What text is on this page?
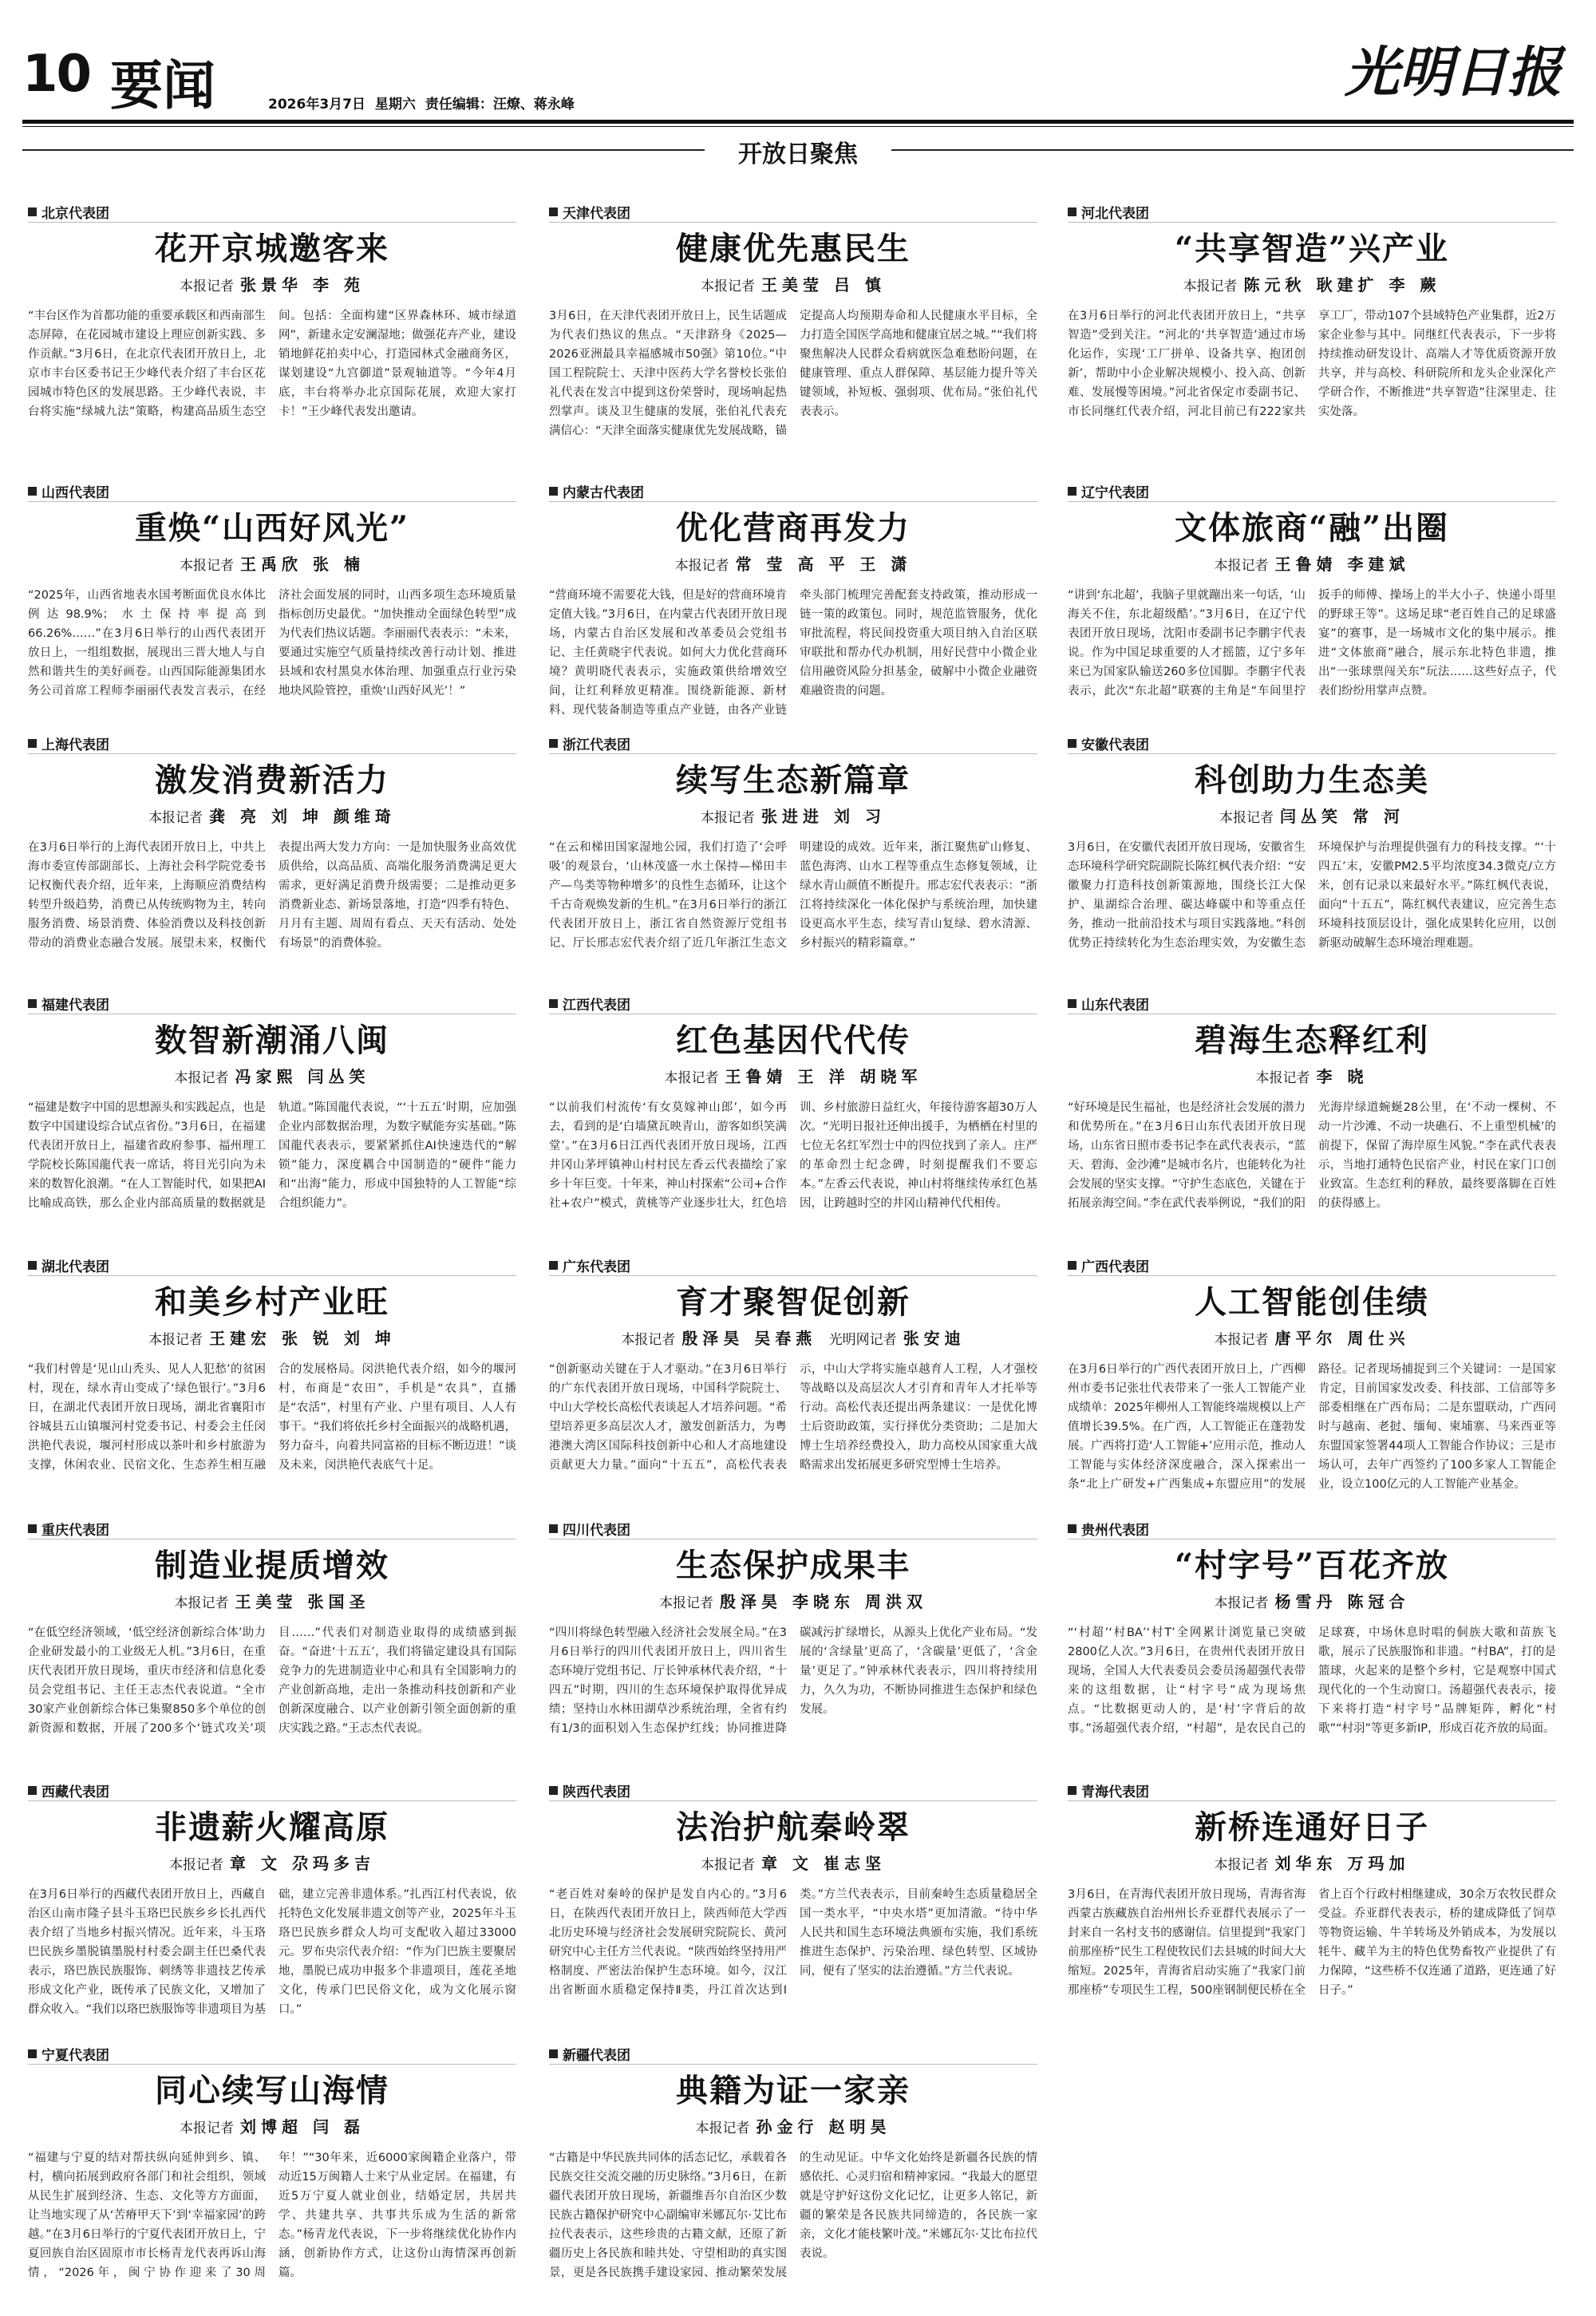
10 要闻	2026年3月7日 星期六 责任编辑：汪燎、蒋永峰	光明日报
开放日聚焦
北京代表团
花开京城邀客来
本报记者 张景华 李 苑
“丰台区作为首都功能的重要承载区和西南部生态屏障，在花园城市建设上理应创新实践、多作贡献。”3月6日，在北京代表团开放日上，北京市丰台区委书记王少峰代表介绍了丰台区花园城市特色区的发展思路。王少峰代表说，丰台将实施“绿城九法”策略，构建高品质生态空间。包括：全面构建“区界森林环、城市绿道网”，新建永定安澜湿地；做强花卉产业，建设销地鲜花拍卖中心，打造园林式金融商务区，谋划建设“九宫御道”景观轴道等。“今年4月底，丰台将举办北京国际花展，欢迎大家打卡！”王少峰代表发出邀请。
天津代表团
健康优先惠民生
本报记者 王美莹 吕 慎
3月6日，在天津代表团开放日上，民生话题成为代表们热议的焦点。“天津跻身《2025—2026亚洲最具幸福感城市50强》第10位。”中国工程院院士、天津中医药大学名誉校长张伯礼代表在发言中提到这份荣誉时，现场响起热烈掌声。谈及卫生健康的发展，张伯礼代表充满信心：“天津全面落实健康优先发展战略，锚定提高人均预期寿命和人民健康水平目标，全力打造全国医学高地和健康宜居之城。”“我们将聚焦解决人民群众看病就医急难愁盼问题，在健康管理、重点人群保障、基层能力提升等关键领域，补短板、强弱项、优布局。”张伯礼代表表示。
河北代表团
“共享智造”兴产业
本报记者 陈元秋 耿建扩 李 蕨
在3月6日举行的河北代表团开放日上，“共享智造”受到关注。“河北的‘共享智造’通过市场化运作，实现‘工厂拼单、设备共享、抱团创新’，帮助中小企业解决规模小、投入高、创新难、发展慢等困境。”河北省保定市委副书记、市长同继红代表介绍，河北目前已有222家共享工厂，带动107个县域特色产业集群，近2万家企业参与其中。同继红代表表示，下一步将持续推动研发设计、高端人才等优质资源开放共享，并与高校、科研院所和龙头企业深化产学研合作，不断推进“共享智造”往深里走、往实处落。
山西代表团
重焕“山西好风光”
本报记者 王禹欣 张 楠
“2025年，山西省地表水国考断面优良水体比例达98.9%；水土保持率提高到66.26%……”在3月6日举行的山西代表团开放日上，一组组数据，展现出三晋大地人与自然和谐共生的美好画卷。山西国际能源集团水务公司首席工程师李丽丽代表发言表示，在经济社会面发展的同时，山西多项生态环境质量指标创历史最优。“加快推动全面绿色转型”成为代表们热议话题。李丽丽代表表示：“未来，要通过实施空气质量持续改善行动计划、推进县域和农村黑臭水体治理、加强重点行业污染地块风险管控，重焕‘山西好风光’！”
内蒙古代表团
优化营商再发力
本报记者 常 莹 高 平 王 潇
“营商环境不需要花大钱，但是好的营商环境肯定值大钱。”3月6日，在内蒙古代表团开放日现场，内蒙古自治区发展和改革委员会党组书记、主任黄晓宇代表说。如何大力优化营商环境？黄明晓代表表示，实施政策供给增效空间，让红利释放更精准。围绕新能源、新材料、现代装备制造等重点产业链，由各产业链牵头部门梳理完善配套支持政策，推动形成一链一策的政策包。同时，规范监管服务，优化审批流程，将民间投资重大项目纳入自治区联审联批和帮办代办机制，用好民营中小微企业信用融资风险分担基金，破解中小微企业融资难融资贵的问题。
辽宁代表团
文体旅商“融”出圈
本报记者 王鲁婧 李建斌
“讲到‘东北超’，我脑子里就蹦出来一句话，‘山海关不住，东北超级酷’。”3月6日，在辽宁代表团开放日现场，沈阳市委副书记李鹏宇代表说。作为中国足球重要的人才摇篮，辽宁多年来已为国家队输送260多位国脚。李鹏宇代表表示，此次“东北超”联赛的主角是“车间里拧扳手的师傅、操场上的半大小子、快递小哥里的野球王等”。这场足球“老百姓自己的足球盛宴”的赛事，是一场城市文化的集中展示。推进“文体旅商”融合，展示东北特色非遗，推出“一张球票闯关东”玩法……这些好点子，代表们纷纷用掌声点赞。
上海代表团
激发消费新活力
本报记者 龚 亮 刘 坤 颜维琦
在3月6日举行的上海代表团开放日上，中共上海市委宣传部副部长、上海社会科学院党委书记权衡代表介绍，近年来，上海顺应消费结构转型升级趋势，消费已从传统购物为主，转向服务消费、场景消费、体验消费以及科技创新带动的消费业态融合发展。展望未来，权衡代表提出两大发力方向：一是加快服务业高效优质供给，以高品质、高端化服务消费满足更大需求，更好满足消费升级需要；二是推动更多消费新业态、新场景落地，打造“四季有特色、月月有主题、周周有看点、天天有活动、处处有场景”的消费体验。
浙江代表团
续写生态新篇章
本报记者 张进进 刘 习
“在云和梯田国家湿地公园，我们打造了‘会呼吸’的观景台，‘山林茂盛一水土保持—梯田丰产—鸟类等物种增多’的良性生态循环，让这个千古奇观焕发新的生机。”在3月6日举行的浙江代表团开放日上，浙江省自然资源厅党组书记、厅长邢志宏代表介绍了近几年浙江生态文明建设的成效。近年来，浙江聚焦矿山修复、蓝色海湾、山水工程等重点生态修复领域，让绿水青山颜值不断提升。邢志宏代表表示：“浙江将持续深化一体化保护与系统治理，加快建设更高水平生态，续写青山复绿、碧水清源、乡村振兴的精彩篇章。”
安徽代表团
科创助力生态美
本报记者 闫丛笑 常 河
3月6日，在安徽代表团开放日现场，安徽省生态环境科学研究院副院长陈红枫代表介绍：“安徽聚力打造科技创新策源地，围绕长江大保护、巢湖综合治理、碳达峰碳中和等重点任务，推动一批前沿技术与项目实践落地。”科创优势正持续转化为生态治理实效，为安徽生态环境保护与治理提供强有力的科技支撑。“‘十四五’末，安徽PM2.5平均浓度34.3微克/立方米，创有记录以来最好水平。”陈红枫代表说，面向“十五五”，陈红枫代表建议，应完善生态环境科技顶层设计，强化成果转化应用，以创新驱动破解生态环境治理难题。
福建代表团
数智新潮涌八闽
本报记者 冯家熙 闫丛笑
“福建是数字中国的思想源头和实践起点，也是数字中国建设综合试点省份。”3月6日，在福建代表团开放日上，福建省政府参事、福州理工学院校长陈国龍代表一席话，将目光引向为未来的数智化浪潮。“在人工智能时代，如果把AI比喻成高铁，那么企业内部高质量的数据就是轨道。”陈国龍代表说，“‘十五五’时期，应加强企业内部数据治理，为数字赋能夯实基础。”陈国龍代表表示，要紧紧抓住AI快速迭代的“解锁”能力，深度耦合中国制造的“硬件”能力和“出海”能力，形成中国独特的人工智能“综合组织能力”。
江西代表团
红色基因代代传
本报记者 王鲁婧 王 洋 胡晓军
“以前我们村流传‘有女莫嫁神山郎’，如今再去，看到的是‘白墙黛瓦映青山，游客如织笑满堂’。”在3月6日江西代表团开放日现场，江西井冈山茅坪镇神山村村民左香云代表描绘了家乡十年巨变。十年来，神山村探索“公司+合作社+农户”模式，黄桃等产业逐步壮大，红色培训、乡村旅游日益红火，年接待游客超30万人次。“光明日报社还伸出援手，为栖栖在村里的七位无名红军烈士中的四位找到了亲人。庄严的革命烈士纪念碑，时刻提醒我们不要忘本。”左香云代表说，神山村将继续传承红色基因，让跨越时空的井冈山精神代代相传。
山东代表团
碧海生态释红利
本报记者 李 晓
“好环境是民生福祉，也是经济社会发展的潜力和优势所在。”在3月6日山东代表团开放日现场，山东省日照市委书记李在武代表表示，“蓝天、碧海、金沙滩”是城市名片，也能转化为社会发展的坚实支撑。“守护生态底色，关键在于拓展亲海空间。”李在武代表举例说，“我们的阳光海岸绿道蜿蜒28公里，在‘不动一棵树、不动一片沙滩、不动一块礁石、不上重型机械’的前提下，保留了海岸原生风貌。”李在武代表表示，当地打通特色民宿产业，村民在家门口创业致富。生态红利的释放，最终要落脚在百姓的获得感上。
湖北代表团
和美乡村产业旺
本报记者 王建宏 张 锐 刘 坤
“我们村曾是‘见山山秃头、见人人犯愁’的贫困村，现在，绿水青山变成了‘绿色银行’。”3月6日，在湖北代表团开放日现场，湖北省襄阳市谷城县五山镇堰河村党委书记、村委会主任闵洪艳代表说，堰河村形成以茶叶和乡村旅游为支撑，休闲农业、民宿文化、生态养生相互融合的发展格局。闵洪艳代表介绍，如今的堰河村，布商是“农田”，手机是“农具”，直播是“农活”，村里有产业、户里有项目、人人有事干。“我们将依托乡村全面振兴的战略机遇，努力奋斗，向着共同富裕的目标不断迈进！”谈及未来，闵洪艳代表底气十足。
广东代表团
育才聚智促创新
本报记者 殷泽昊 吴春燕 光明网记者 张安迪
“创新驱动关键在于人才驱动。”在3月6日举行的广东代表团开放日现场，中国科学院院士、中山大学校长高松代表谈起人才培养问题。“希望培养更多高层次人才，激发创新活力，为粤港澳大湾区国际科技创新中心和人才高地建设贡献更大力量。”面向“十五五”，高松代表表示，中山大学将实施卓越育人工程，人才强校等战略以及高层次人才引育和青年人才托举等行动。高松代表还提出两条建议：一是优化博士后资助政策，实行择优分类资助；二是加大博士生培养经费投入，助力高校从国家重大战略需求出发拓展更多研究型博士生培养。
广西代表团
人工智能创佳绩
本报记者 唐平尔 周仕兴
在3月6日举行的广西代表团开放日上，广西柳州市委书记张壮代表带来了一张人工智能产业成绩单：2025年柳州人工智能终端规模以上产值增长39.5%。在广西，人工智能正在蓬勃发展。广西将打造‘人工智能+’应用示范，推动人工智能与实体经济深度融合，深入探索出一条“北上广研发+广西集成+东盟应用”的发展路径。记者现场捕捉到三个关键词：一是国家肯定，目前国家发改委、科技部、工信部等多部委相继在广西布局；二是东盟联动，广西同时与越南、老挝、缅甸、柬埔寨、马来西亚等东盟国家签署44项人工智能合作协议；三是市场认可，去年广西签约了100多家人工智能企业，设立100亿元的人工智能产业基金。
重庆代表团
制造业提质增效
本报记者 王美莹 张国圣
“在低空经济领域，‘低空经济创新综合体’助力企业研发最小的工业级无人机。”3月6日，在重庆代表团开放日现场，重庆市经济和信息化委员会党组书记、主任王志杰代表说道。“全市30家产业创新综合体已集聚850多个单位的创新资源和数据，开展了200多个‘链式攻关’项目……”代表们对制造业取得的成绩感到振奋。“奋进‘十五五’，我们将锚定建设具有国际竞争力的先进制造业中心和具有全国影响力的产业创新高地，走出一条推动科技创新和产业创新深度融合、以产业创新引领全面创新的重庆实践之路。”王志杰代表说。
四川代表团
生态保护成果丰
本报记者 殷泽昊 李晓东 周洪双
“四川将绿色转型融入经济社会发展全局。”在3月6日举行的四川代表团开放日上，四川省生态环境厅党组书记、厅长钟承林代表介绍，“十四五”时期，四川的生态环境保护取得优异成绩；坚持山水林田湖草沙系统治理，全省有约有1/3的面积划入生态保护红线；协同推进降碳减污扩绿增长，从源头上优化产业布局。“发展的‘含绿量’更高了，‘含碳量’更低了，‘含金量’更足了。”钟承林代表表示，四川将持续用力，久久为功，不断协同推进生态保护和绿色发展。
贵州代表团
“村字号”百花齐放
本报记者 杨雪丹 陈冠合
“‘村超’‘村BA’‘村T’全网累计浏览量已突破2800亿人次。”3月6日，在贵州代表团开放日现场，全国人大代表委员会委员汤超强代表带来的这组数据，让“村字号”成为现场焦点。“比数据更动人的，是‘村’字背后的故事。”汤超强代表介绍，“村超”，是农民自己的足球赛，中场休息时唱的侗族大歌和苗族飞歌，展示了民族服饰和非遗。“村BA”，打的是篮球，火起来的是整个乡村，它是观察中国式现代化的一个生动窗口。汤超强代表表示，接下来将打造“村字号”品牌矩阵，孵化“村歌”“村羽”等更多新IP，形成百花齐放的局面。
西藏代表团
非遗薪火耀高原
本报记者 章 文 尕玛多吉
在3月6日举行的西藏代表团开放日上，西藏自治区山南市隆子县斗玉珞巴民族乡乡长扎西代表介绍了当地乡村振兴情况。近年来，斗玉珞巴民族乡墨脱镇墨脱村村委会副主任巴桑代表表示，珞巴族民族服饰、刺绣等非遗技艺传承形成文化产业，既传承了民族文化，又增加了群众收入。“我们以珞巴族服饰等非遗项目为基础，建立完善非遗体系。”扎西江村代表说，依托特色文化发展非遗文创等产业，2025年斗玉珞巴民族乡群众人均可支配收入超过33000元。罗布央宗代表介绍：“作为门巴族主要聚居地，墨脱已成功申报多个非遗项目，莲花圣地文化，传承门巴民俗文化，成为文化展示窗口。”
陕西代表团
法治护航秦岭翠
本报记者 章 文 崔志坚
“老百姓对秦岭的保护是发自内心的。”3月6日，在陕西代表团开放日上，陕西师范大学西北历史环境与经济社会发展研究院院长、黄河研究中心主任方兰代表说。“陕西始终坚持用严格制度、严密法治保护生态环境。如今，汉江出省断面水质稳定保持Ⅱ类，丹江首次达到Ⅰ类。”方兰代表表示，目前秦岭生态质量稳居全国一类水平，“中央水塔”更加清澈。“待中华人民共和国生态环境法典颁布实施，我们系统推进生态保护、污染治理、绿色转型、区域协同，便有了坚实的法治遵循。”方兰代表说。
青海代表团
新桥连通好日子
本报记者 刘华东 万玛加
3月6日，在青海代表团开放日现场，青海省海西蒙古族藏族自治州州长乔亚群代表展示了一封来自一名村支书的感谢信。信里提到“我家门前那座桥”民生工程使牧民们去县城的时间大大缩短。2025年，青海省启动实施了“我家门前那座桥”专项民生工程，500座钢制便民桥在全省上百个行政村相继建成，30余万农牧民群众受益。乔亚群代表表示，桥的建成降低了饲草等物资运输、牛羊转场及外销成本，为发展以牦牛、藏羊为主的特色优势畜牧产业提供了有力保障，“这些桥不仅连通了道路，更连通了好日子。”
宁夏代表团
同心续写山海情
本报记者 刘博超 闫 磊
“福建与宁夏的结对帮扶纵向延伸到乡、镇、村，横向拓展到政府各部门和社会组织，领域从民生扩展到经济、生态、文化等方方面面，让当地实现了从‘苦瘠甲天下’到‘幸福家园’的跨越。”在3月6日举行的宁夏代表团开放日上，宁夏回族自治区固原市市长杨青龙代表再诉山海情，“2026年，闽宁协作迎来了30周年！”“30年来，近6000家闽籍企业落户，带动近15万闽籍人士来宁从业定居。在福建，有近5万宁夏人就业创业，结婚定居，共居共学、共建共享、共事共乐成为生活的新常态。”杨青龙代表说，下一步将继续优化协作内涵，创新协作方式，让这份山海情深再创新篇。
新疆代表团
典籍为证一家亲
本报记者 孙金行 赵明昊
“古籍是中华民族共同体的活态记忆，承载着各民族交往交流交融的历史脉络。”3月6日，在新疆代表团开放日现场，新疆维吾尔自治区少数民族古籍保护研究中心副编审米娜瓦尔·艾比布拉代表表示，这些珍贵的古籍文献，还原了新疆历史上各民族和睦共处、守望相助的真实图景，更是各民族携手建设家园、推动繁荣发展的生动见证。中华文化始终是新疆各民族的情感依托、心灵归宿和精神家园。“我最大的愿望就是守护好这份文化记忆，让更多人铭记，新疆的繁荣是各民族共同缔造的，各民族一家亲，文化才能枝繁叶茂。”米娜瓦尔·艾比布拉代表说。
